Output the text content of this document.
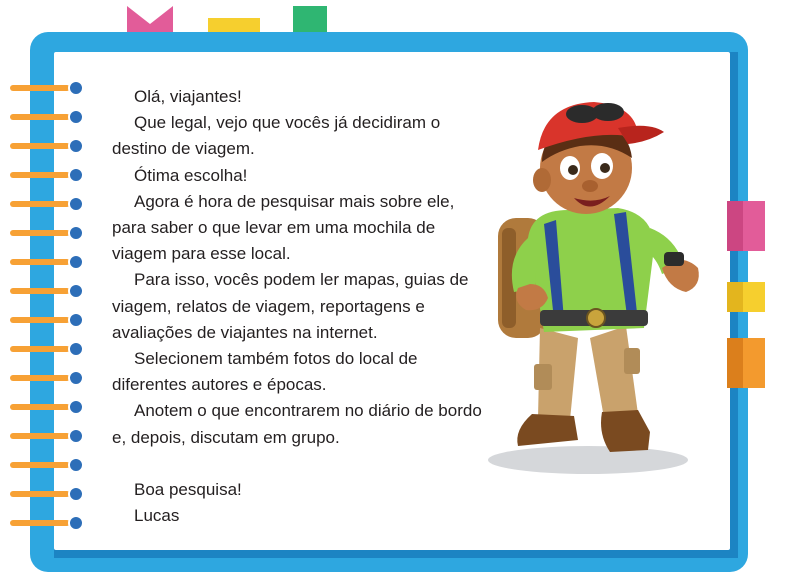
Olá, viajantes!

Que legal, vejo que vocês já decidiram o destino de viagem.

Ótima escolha!

Agora é hora de pesquisar mais sobre ele, para saber o que levar em uma mochila de viagem para esse local.

Para isso, vocês podem ler mapas, guias de viagem, relatos de viagem, reportagens e avaliações de viajantes na internet.

Selecionem também fotos do local de diferentes autores e épocas.

Anotem o que encontrarem no diário de bordo e, depois, discutam em grupo.

Boa pesquisa!

Lucas
